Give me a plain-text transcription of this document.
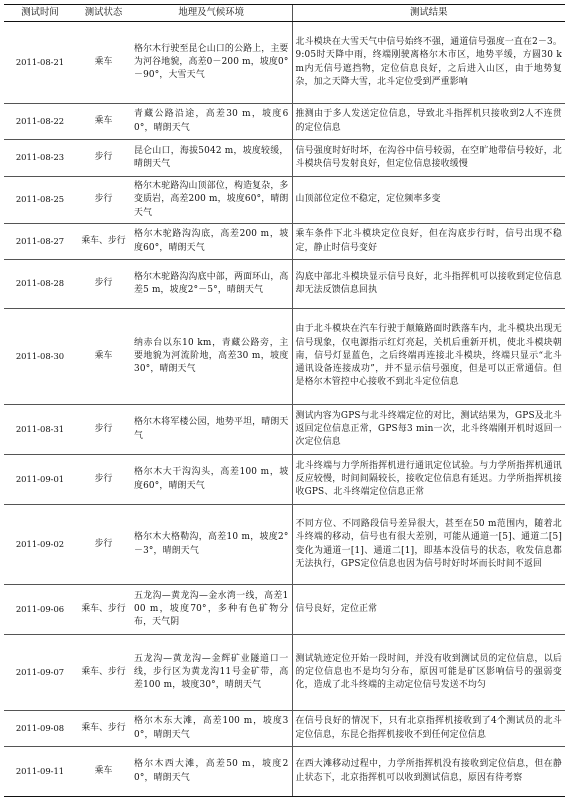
测试时间	测试状态	地理及气候环境	测试结果
2011-08-21	乘车	格尔木行驶至昆仑山口的公路上，主要为河谷地貌，高差0－200 m，坡度0°－90°，大雪天气	北斗模块在大雪天气中信号始终不强，通道信号强度一直在2－3。9:05时天降中雨，终端刚驶离格尔木市区，地势平缓，方圆30 km内无信号遮挡物，定位信息良好，之后进入山区，由于地势复杂，加之天降大雪，北斗定位受到严重影响
2011-08-22	乘车	青藏公路沿途，高差30 m，坡度60°，晴朗天气	推测由于多人发送定位信息，导致北斗指挥机只接收到2人不连贯的定位信息
2011-08-23	步行	昆仑山口，海拔5042 m，坡度较缓，晴朗天气	信号强度时好时坏，在沟谷中信号较弱，在空旷地带信号较好，北斗模块信号发射良好，但定位信息接收缓慢
2011-08-25	步行	格尔木驼路沟山顶部位，构造复杂，多变质岩，高差200 m，坡度60°，晴朗天气	山顶部位定位不稳定，定位频率多变
2011-08-27	乘车、步行	格尔木驼路沟沟底，高差200 m，坡度60°，晴朗天气	乘车条件下北斗模块定位良好，但在沟底步行时，信号出现不稳定，静止时信号变好
2011-08-28	步行	格尔木驼路沟沟底中部，两面环山，高差5 m，坡度2°－5°，晴朗天气	沟底中部北斗模块显示信号良好，北斗指挥机可以接收到定位信息却无法反馈信息回执
2011-08-30	乘车	纳赤台以东10 km，青藏公路旁，主要地貌为河流阶地，高差30 m，坡度30°，晴朗天气	由于北斗模块在汽车行驶于颠簸路面时跌落车内，北斗模块出现无信号现象，仅电源指示红灯亮起，关机后重新开机，使北斗模块朝南，信号灯显蓝色，之后终端再连接北斗模块，终端只显示“北斗通讯设备连接成功”，并不显示信号强度，但是可以正常通信。但是格尔木管控中心接收不到北斗定位信息
2011-08-31	步行	格尔木将军楼公园，地势平坦，晴朗天气	测试内容为GPS与北斗终端定位的对比，测试结果为，GPS及北斗返回定位信息正常，GPS每3 min一次，北斗终端刚开机时返回一次定位信息
2011-09-01	步行	格尔木大干沟沟头，高差100 m，坡度60°，晴朗天气	北斗终端与力学所指挥机进行通讯定位试验。与力学所指挥机通讯反应较慢，时间间隔较长，接收定位信息有延迟。力学所指挥机接收GPS、北斗终端定位信息正常
2011-09-02	步行	格尔木大格勒沟，高差10 m，坡度2°－3°，晴朗天气	不同方位、不同路段信号差异很大，甚至在50 m范围内，随着北斗终端的移动，信号也有很大差别，可能从通道一[5]、通道二[5]变化为通道一[1]、通道二[1]，即基本没信号的状态，收发信息都无法执行，GPS定位信息也因为信号时好时坏而长时间不返回
2011-09-06	乘车、步行	五龙沟—黄龙沟—金水湾一线，高差100 m，坡度70°，多种有色矿物分布，天气阴	信号良好，定位正常
2011-09-07	乘车、步行	五龙沟—黄龙沟—金辉矿业隧道口一线，步行区为黄龙沟11号金矿带，高差100 m，坡度30°，晴朗天气	测试轨迹定位开始一段时间，并没有收到测试员的定位信息，以后的定位信息也不是均匀分布，原因可能是矿区影响信号的强弱变化，造成了北斗终端的主动定位信号发送不均匀
2011-09-08	乘车、步行	格尔木东大滩，高差100 m，坡度30°，晴朗天气	在信号良好的情况下，只有北京指挥机接收到了4个测试员的北斗定位信息，东昆仑指挥机接收不到任何定位信息
2011-09-11	乘车	格尔木西大滩，高差50 m，坡度20°，晴朗天气	在西大滩移动过程中，力学所指挥机没有接收到定位信息，但在静止状态下，北京指挥机可以收到测试信息，原因有待考察
